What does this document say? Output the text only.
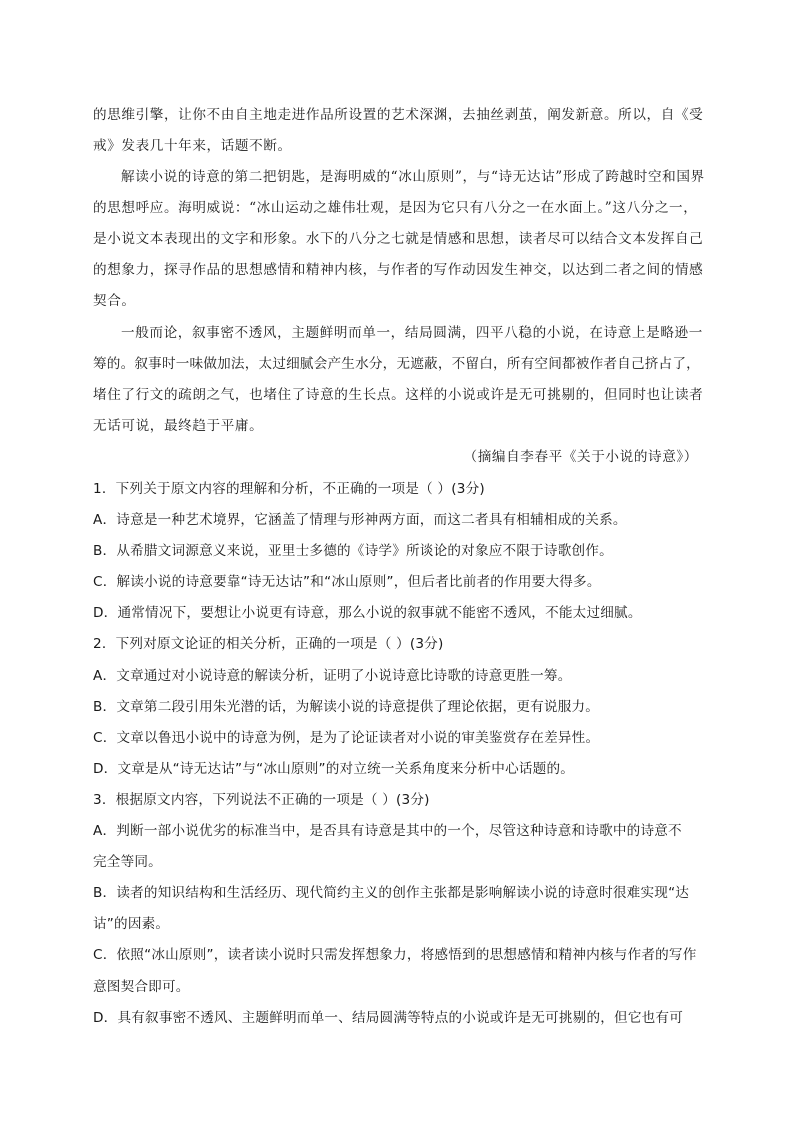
的思维引擎，让你不由自主地走进作品所设置的艺术深渊，去抽丝剥茧，阐发新意。所以，自《受
戒》发表几十年来，话题不断。
解读小说的诗意的第二把钥匙，是海明威的“冰山原则”，与“诗无达诂”形成了跨越时空和国界
的思想呼应。海明威说：“冰山运动之雄伟壮观，是因为它只有八分之一在水面上。”这八分之一，
是小说文本表现出的文字和形象。水下的八分之七就是情感和思想，读者尽可以结合文本发挥自己
的想象力，探寻作品的思想感情和精神内核，与作者的写作动因发生神交，以达到二者之间的情感
契合。
一般而论，叙事密不透风，主题鲜明而单一，结局圆满，四平八稳的小说，在诗意上是略逊一
筹的。叙事时一味做加法，太过细腻会产生水分，无遮蔽，不留白，所有空间都被作者自己挤占了，
堵住了行文的疏朗之气，也堵住了诗意的生长点。这样的小说或许是无可挑剔的，但同时也让读者
无话可说，最终趋于平庸。
（摘编自李春平《关于小说的诗意》）
1．下列关于原文内容的理解和分析，不正确的一项是（ ）(3分)
A．诗意是一种艺术境界，它涵盖了情理与形神两方面，而这二者具有相辅相成的关系。
B．从希腊文词源意义来说，亚里士多德的《诗学》所谈论的对象应不限于诗歌创作。
C．解读小说的诗意要靠“诗无达诂”和“冰山原则”，但后者比前者的作用要大得多。
D．通常情况下，要想让小说更有诗意，那么小说的叙事就不能密不透风，不能太过细腻。
2．下列对原文论证的相关分析，正确的一项是（ ）(3分)
A．文章通过对小说诗意的解读分析，证明了小说诗意比诗歌的诗意更胜一筹。
B．文章第二段引用朱光潜的话，为解读小说的诗意提供了理论依据，更有说服力。
C．文章以鲁迅小说中的诗意为例，是为了论证读者对小说的审美鉴赏存在差异性。
D．文章是从“诗无达诂”与“冰山原则”的对立统一关系角度来分析中心话题的。
3．根据原文内容，下列说法不正确的一项是（ ）(3分)
A．判断一部小说优劣的标准当中，是否具有诗意是其中的一个，尽管这种诗意和诗歌中的诗意不
完全等同。
B．读者的知识结构和生活经历、现代简约主义的创作主张都是影响解读小说的诗意时很难实现“达
诂”的因素。
C．依照“冰山原则”，读者读小说时只需发挥想象力，将感悟到的思想感情和精神内核与作者的写作
意图契合即可。
D．具有叙事密不透风、主题鲜明而单一、结局圆满等特点的小说或许是无可挑剔的，但它也有可
